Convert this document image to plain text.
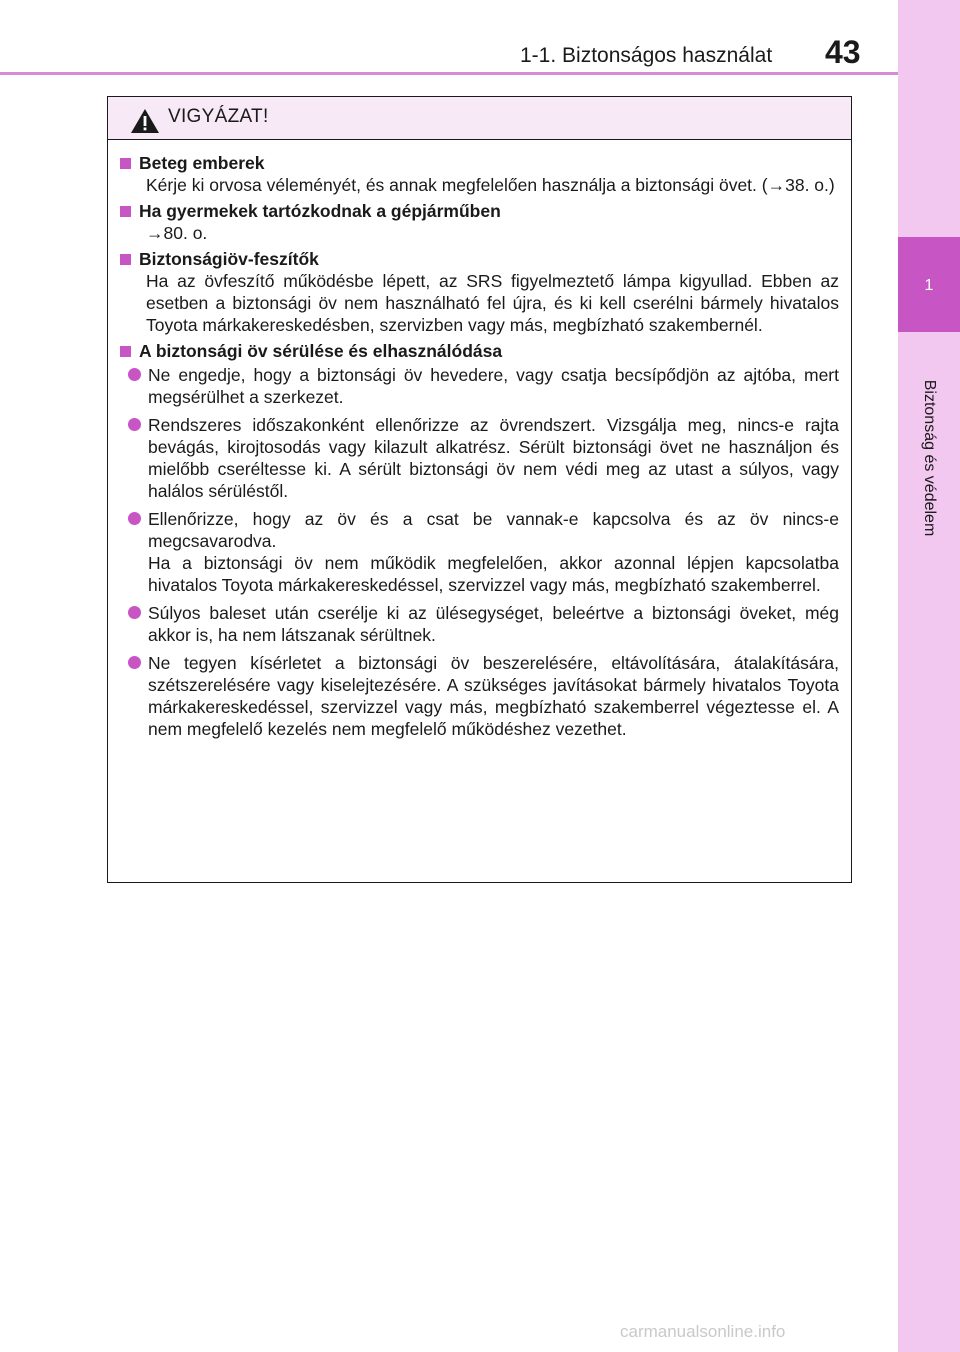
1-1. Biztonságos használat 43
1
Biztonság és védelem
VIGYÁZAT!
Beteg emberek
Kérje ki orvosa véleményét, és annak megfelelően használja a biztonsági övet. (→38. o.)
Ha gyermekek tartózkodnak a gépjárműben
→80. o.
Biztonságiöv-feszítők
Ha az övfeszítő működésbe lépett, az SRS figyelmeztető lámpa kigyullad. Ebben az esetben a biztonsági öv nem használható fel újra, és ki kell cserélni bármely hivatalos Toyota márkakereskedésben, szervizben vagy más, megbízható szakembernél.
A biztonsági öv sérülése és elhasználódása
Ne engedje, hogy a biztonsági öv hevedere, vagy csatja becsípődjön az ajtóba, mert megsérülhet a szerkezet.
Rendszeres időszakonként ellenőrizze az övrendszert. Vizsgálja meg, nincs-e rajta bevágás, kirojtosodás vagy kilazult alkatrész. Sérült biztonsági övet ne használjon és mielőbb cseréltesse ki. A sérült biztonsági öv nem védi meg az utast a súlyos, vagy halálos sérüléstől.
Ellenőrizze, hogy az öv és a csat be vannak-e kapcsolva és az öv nincs-e megcsavarodva.
Ha a biztonsági öv nem működik megfelelően, akkor azonnal lépjen kapcsolatba hivatalos Toyota márkakereskedéssel, szervizzel vagy más, megbízható szakemberrel.
Súlyos baleset után cserélje ki az ülésegységet, beleértve a biztonsági öveket, még akkor is, ha nem látszanak sérültnek.
Ne tegyen kísérletet a biztonsági öv beszerelésére, eltávolítására, átalakítására, szétszerelésére vagy kiselejtezésére. A szükséges javításokat bármely hivatalos Toyota márkakereskedéssel, szervizzel vagy más, megbízható szakemberrel végeztesse el. A nem megfelelő kezelés nem megfelelő működéshez vezethet.
carmanualsonline.info
